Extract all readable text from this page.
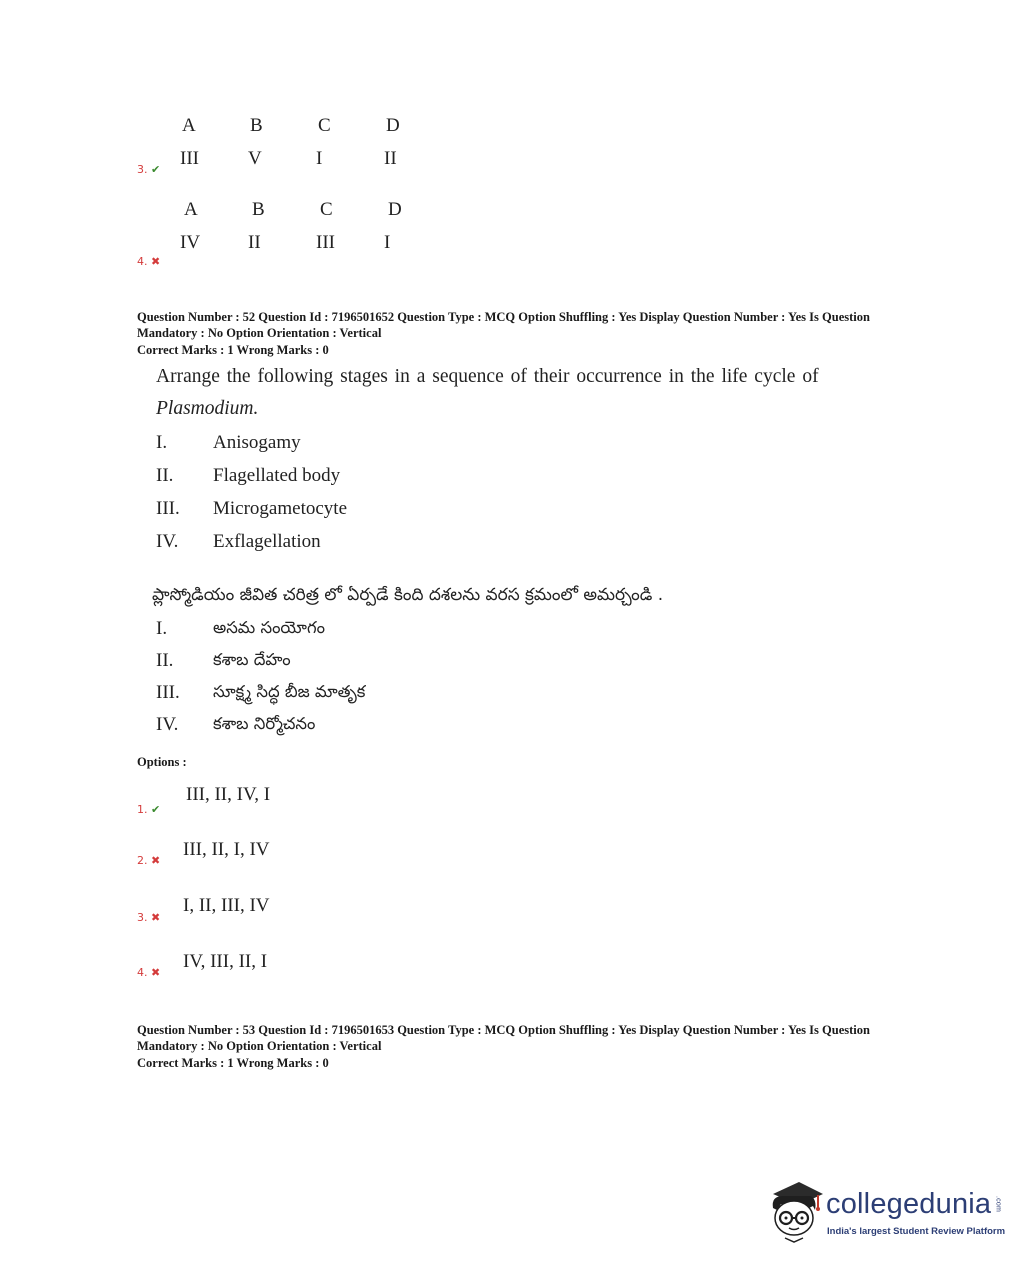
A	B	C	D
III	V	I	II
3. ✔
A	B	C	D
IV	II	III	I
4. ✖
Question Number : 52 Question Id : 7196501652 Question Type : MCQ Option Shuffling : Yes Display Question Number : Yes Is Question
Mandatory : No Option Orientation : Vertical
Correct Marks : 1 Wrong Marks : 0
Arrange the following stages in a sequence of their occurrence in the life cycle of
Plasmodium.
I. Anisogamy
II. Flagellated body
III. Microgametocyte
IV. Exflagellation
ప్లాస్మోడియం జీవిత చరిత్ర లో ఏర్పడే కింది దశలను వరస క్రమంలో అమర్చండి .
I.	అసమ సంయోగం
II. కశాబ దేహం
III. సూక్ష్మ సిద్ధ బీజ మాతృక
IV. కశాబ నిర్మోచనం
Options :
III, II, IV, I
1. ✔
III, II, I, IV
2. ✖
I, II, III, IV
3. ✖
IV, III, II, I
4. ✖
Question Number : 53 Question Id : 7196501653 Question Type : MCQ Option Shuffling : Yes Display Question Number : Yes Is Question
Mandatory : No Option Orientation : Vertical
Correct Marks : 1 Wrong Marks : 0
collegedunia .com
India's largest Student Review Platform
